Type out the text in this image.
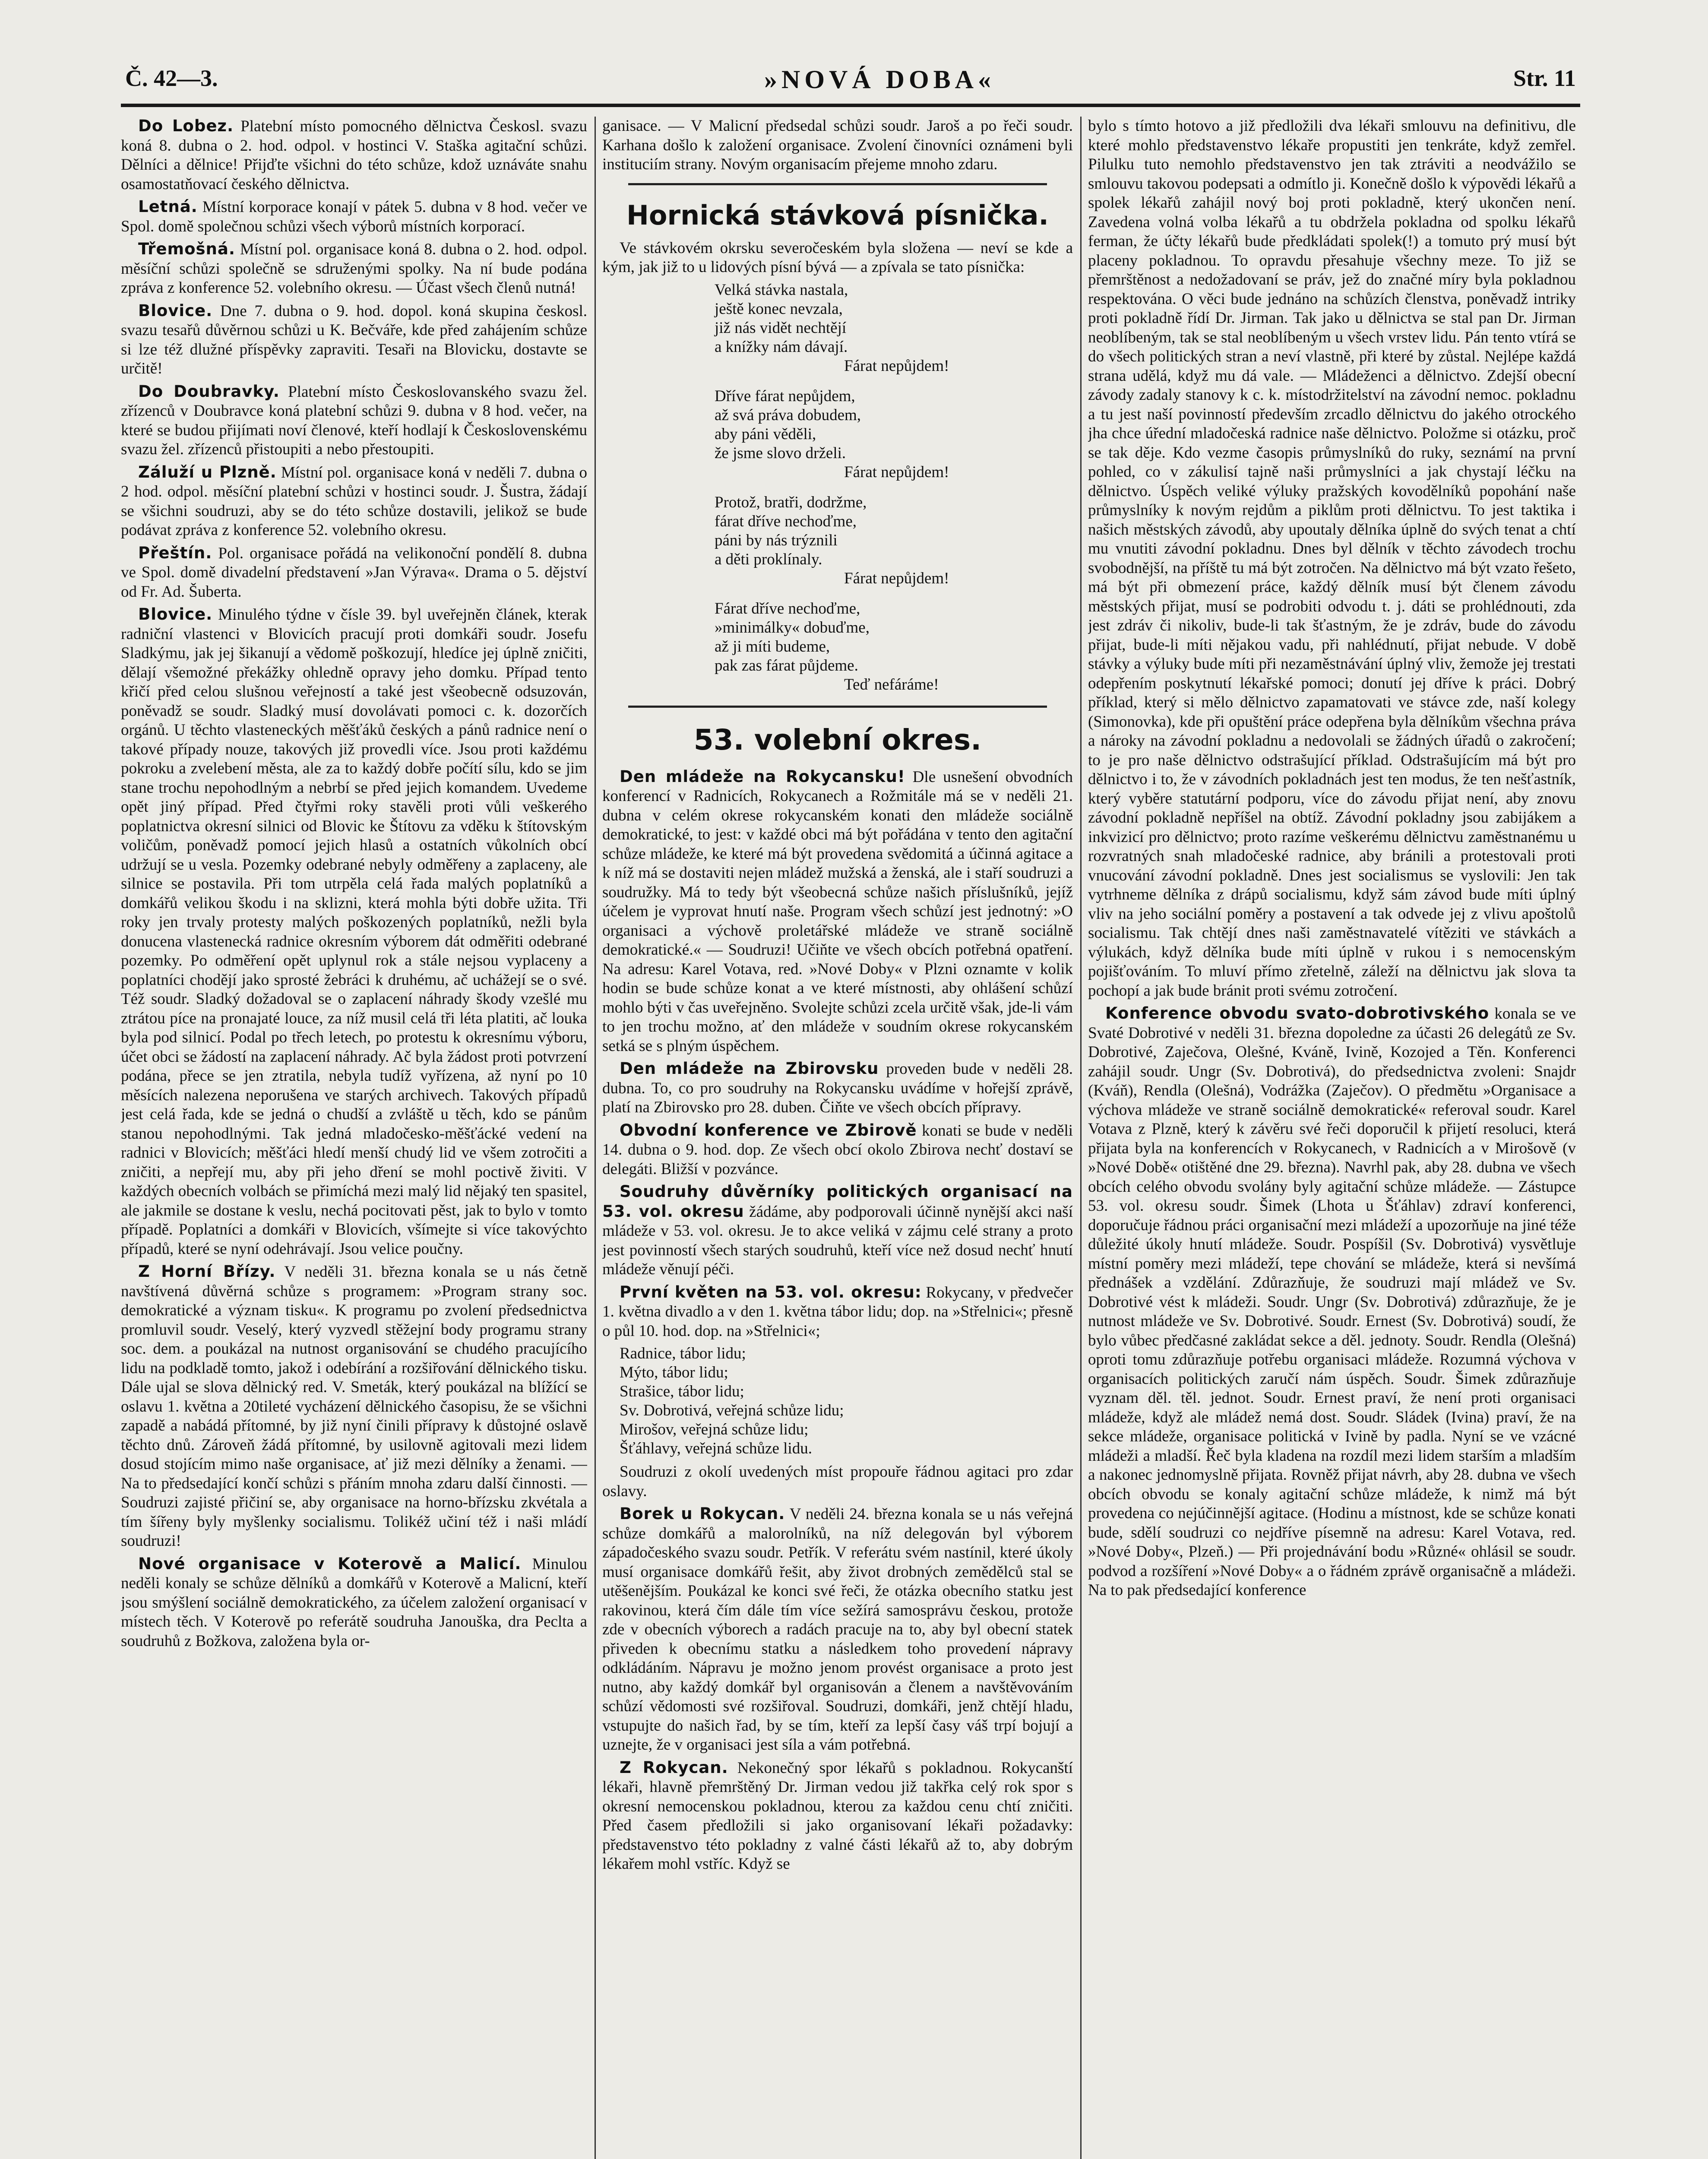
Č. 42—3.	»NOVÁ DOBA«	Str. 11

Do Lobez. Platební místo pomocného dělnictva Českosl. svazu koná 8. dubna o 2. hod. odpol. v hostinci V. Staška agitační schůzi. Dělníci a dělnice! Přijďte všichni do této schůze, kdož uznáváte snahu osamostatňovací českého dělnictva.

Letná. Místní korporace konají v pátek 5. dubna v 8 hod. večer ve Spol. domě společnou schůzi všech výborů místních korporací.

Třemošná. Místní pol. organisace koná 8. dubna o 2. hod. odpol. měsíční schůzi společně se sdruženými spolky. Na ní bude podána zpráva z konference 52. volebního okresu. — Účast všech členů nutná!

Blovice. Dne 7. dubna o 9. hod. dopol. koná skupina českosl. svazu tesařů důvěrnou schůzi u K. Bečváře, kde před zahájením schůze si lze též dlužné příspěvky zapraviti. Tesaři na Blovicku, dostavte se určitě!

Do Doubravky. Platební místo Českoslovanského svazu žel. zřízenců v Doubravce koná platební schůzi 9. dubna v 8 hod. večer, na které se budou přijímati noví členové, kteří hodlají k Československému svazu žel. zřízenců přistoupiti a nebo přestoupiti.

Záluží u Plzně. Místní pol. organisace koná v neděli 7. dubna o 2 hod. odpol. měsíční platební schůzi v hostinci soudr. J. Šustra, žádají se všichni soudruzi, aby se do této schůze dostavili, jelikož se bude podávat zpráva z konference 52. volebního okresu.

Přeštín. Pol. organisace pořádá na velikonoční pondělí 8. dubna ve Spol. domě divadelní představení »Jan Výrava«. Drama o 5. dějství od Fr. Ad. Šuberta.

Blovice. Minulého týdne v čísle 39. byl uveřejněn článek, kterak radniční vlastenci v Blovicích pracují proti domkáři soudr. Josefu Sladkýmu, jak jej šikanují a vědomě poškozují, hledíce jej úplně zničiti, dělají všemožné překážky ohledně opravy jeho domku. Případ tento křičí před celou slušnou veřejností a také jest všeobecně odsuzován, poněvadž se soudr. Sladký musí dovolávati pomoci c. k. dozorčích orgánů. U těchto vlasteneckých měšťáků českých a pánů radnice není o takové případy nouze, takových již provedli více. Jsou proti každému pokroku a zvelebení města, ale za to každý dobře počítí sílu, kdo se jim stane trochu nepohodlným a nebrbí se před jejich komandem. Uvedeme opět jiný případ. Před čtyřmi roky stavěli proti vůli veškerého poplatnictva okresní silnici od Blovic ke Štítovu za vděku k štítovským voličům, poněvadž pomocí jejich hlasů a ostatních vůkolních obcí udržují se u vesla. Pozemky odebrané nebyly odměřeny a zaplaceny, ale silnice se postavila. Při tom utrpěla celá řada malých poplatníků a domkářů velikou škodu i na sklizni, která mohla býti dobře užita. Tři roky jen trvaly protesty malých poškozených poplatníků, nežli byla donucena vlastenecká radnice okresním výborem dát odměřiti odebrané pozemky. Po odměření opět uplynul rok a stále nejsou vyplaceny a poplatníci chodějí jako sprosté žebráci k druhému, ač uchážejí se o své. Též soudr. Sladký dožadoval se o zaplacení náhrady škody vzešlé mu ztrátou píce na pronajaté louce, za níž musil celá tři léta platiti, ač louka byla pod silnicí. Podal po třech letech, po protestu k okresnímu výboru, účet obci se žádostí na zaplacení náhrady. Ač byla žádost proti potvrzení podána, přece se jen ztratila, nebyla tudíž vyřízena, až nyní po 10 měsících nalezena neporušena ve starých archivech. Takových případů jest celá řada, kde se jedná o chudší a zvláště u těch, kdo se pánům stanou nepohodlnými. Tak jedná mladočesko-měšťácké vedení na radnici v Blovicích; měšťáci hledí menší chudý lid ve všem zotročiti a zničiti, a nepřejí mu, aby při jeho dření se mohl poctivě živiti. V každých obecních volbách se přimíchá mezi malý lid nějaký ten spasitel, ale jakmile se dostane k veslu, nechá pocitovati pěst, jak to bylo v tomto případě. Poplatníci a domkáři v Blovicích, všímejte si více takovýchto případů, které se nyní odehrávají. Jsou velice poučny.

Z Horní Břízy. V neděli 31. března konala se u nás četně navštívená důvěrná schůze s programem: »Program strany soc. demokratické a význam tisku«. K programu po zvolení předsednictva promluvil soudr. Veselý, který vyzvedl stěžejní body programu strany soc. dem. a poukázal na nutnost organisování se chudého pracujícího lidu na podkladě tomto, jakož i odebírání a rozšiřování dělnického tisku. Dále ujal se slova dělnický red. V. Smeták, který poukázal na blížící se oslavu 1. května a 20tileté vycházení dělnického časopisu, že se všichni zapadě a nabádá přítomné, by již nyní činili přípravy k důstojné oslavě těchto dnů. Zároveň žádá přítomné, by usilovně agitovali mezi lidem dosud stojícím mimo naše organisace, ať již mezi dělníky a ženami. — Na to předsedající končí schůzi s přáním mnoha zdaru další činnosti. — Soudruzi zajisté přičiní se, aby organisace na horno-břízsku zkvétala a tím šířeny byly myšlenky socialismu. Tolikéž učiní též i naši mládí soudruzi!

Nové organisace v Koterově a Malicí. Minulou neděli konaly se schůze dělníků a domkářů v Koterově a Malicní, kteří jsou smýšlení sociálně demokratického, za účelem založení organisací v místech těch. V Koterově po referátě soudruha Janouška, dra Peclta a soudruhů z Božkova, založena byla or-

ganisace. — V Malicní předsedal schůzi soudr. Jaroš a po řeči soudr. Karhana došlo k založení organisace. Zvolení činovníci oznámeni byli instituciím strany. Novým organisacím přejeme mnoho zdaru.

Hornická stávková písnička.

Ve stávkovém okrsku severočeském byla složena — neví se kde a kým, jak již to u lidových písní bývá — a zpívala se tato písnička:

Velká stávka nastala,
ještě konec nevzala,
již nás vidět nechtějí
a knížky nám dávají.
Fárat nepůjdem!
Dříve fárat nepůjdem,
až svá práva dobudem,
aby páni věděli,
že jsme slovo drželi.
Fárat nepůjdem!
Protož, bratři, dodržme,
fárat dříve nechoďme,
páni by nás trýznili
a děti proklínaly.
Fárat nepůjdem!
Fárat dříve nechoďme,
»minimálky« dobuďme,
až ji míti budeme,
pak zas fárat půjdeme.
Teď nefáráme!
53. volební okres.

Den mládeže na Rokycansku! Dle usnešení obvodních konferencí v Radnicích, Rokycanech a Rožmitále má se v neděli 21. dubna v celém okrese rokycanském konati den mládeže sociálně demokratické, to jest: v každé obci má být pořádána v tento den agitační schůze mládeže, ke které má být provedena svědomitá a účinná agitace a k níž má se dostaviti nejen mládež mužská a ženská, ale i staří soudruzi a soudružky. Má to tedy být všeobecná schůze našich příslušníků, jejíž účelem je vyprovat hnutí naše. Program všech schůzí jest jednotný: »O organisaci a výchově proletářské mládeže ve straně sociálně demokratické.« — Soudruzi! Učiňte ve všech obcích potřebná opatření. Na adresu: Karel Votava, red. »Nové Doby« v Plzni oznamte v kolik hodin se bude schůze konat a ve které místnosti, aby ohlášení schůzí mohlo býti v čas uveřejněno. Svolejte schůzi zcela určitě však, jde-li vám to jen trochu možno, ať den mládeže v soudním okrese rokycanském setká se s plným úspěchem.

Den mládeže na Zbirovsku proveden bude v neděli 28. dubna. To, co pro soudruhy na Rokycansku uvádíme v hořejší zprávě, platí na Zbirovsko pro 28. duben. Čiňte ve všech obcích přípravy.

Obvodní konference ve Zbirově konati se bude v neděli 14. dubna o 9. hod. dop. Ze všech obcí okolo Zbirova nechť dostaví se delegáti. Bližší v pozvánce.

Soudruhy důvěrníky politických organisací na 53. vol. okresu žádáme, aby podporovali účinně nynější akci naší mládeže v 53. vol. okresu. Je to akce veliká v zájmu celé strany a proto jest povinností všech starých soudruhů, kteří více než dosud nechť hnutí mládeže věnují péči.

První květen na 53. vol. okresu: Rokycany, v předvečer 1. května divadlo a v den 1. května tábor lidu; dop. na »Střelnici«; přesně o půl 10. hod. dop. na »Střelnici«;

Radnice, tábor lidu;
Mýto, tábor lidu;
Strašice, tábor lidu;
Sv. Dobrotivá, veřejná schůze lidu;
Mirošov, veřejná schůze lidu;
Šťáhlavy, veřejná schůze lidu.

Soudruzi z okolí uvedených míst propouře řádnou agitaci pro zdar oslavy.

Borek u Rokycan. V neděli 24. března konala se u nás veřejná schůze domkářů a malorolníků, na níž delegován byl výborem západočeského svazu soudr. Petřík. V referátu svém nastínil, které úkoly musí organisace domkářů řešit, aby život drobných zemědělců stal se utěšenějším. Poukázal ke konci své řeči, že otázka obecního statku jest rakovinou, která čím dále tím více sežírá samosprávu českou, protože zde v obecních výborech a radách pracuje na to, aby byl obecní statek přiveden k obecnímu statku a následkem toho provedení nápravy odkládáním. Nápravu je možno jenom provést organisace a proto jest nutno, aby každý domkář byl organisován a členem a navštěvováním schůzí vědomosti své rozšiřoval. Soudruzi, domkáři, jenž chtějí hladu, vstupujte do našich řad, by se tím, kteří za lepší časy váš trpí bojují a uznejte, že v organisaci jest síla a vám potřebná.

Z Rokycan. Nekonečný spor lékařů s pokladnou. Rokycanští lékaři, hlavně přemrštěný Dr. Jirman vedou již takřka celý rok spor s okresní nemocenskou pokladnou, kterou za každou cenu chtí zničiti. Před časem předložili si jako organisovaní lékaři požadavky: představenstvo této pokladny z valné části lékařů až to, aby dobrým lékařem mohl vstříc. Když se

bylo s tímto hotovo a již předložili dva lékaři smlouvu na definitivu, dle které mohlo představenstvo lékaře propustiti jen tenkráte, když zemřel. Pilulku tuto nemohlo představenstvo jen tak ztráviti a neodvážilo se smlouvu takovou podepsati a odmítlo ji. Konečně došlo k výpovědi lékařů a spolek lékařů zahájil nový boj proti pokladně, který ukončen není. Zavedena volná volba lékařů a tu obdržela pokladna od spolku lékařů ferman, že účty lékařů bude předkládati spolek(!) a tomuto prý musí být placeny pokladnou. To opravdu přesahuje všechny meze. To již se přemrštěnost a nedožadovaní se práv, jež do značné míry byla pokladnou respektována. O věci bude jednáno na schůzích členstva, poněvadž intriky proti pokladně řídí Dr. Jirman. Tak jako u dělnictva se stal pan Dr. Jirman neoblíbeným, tak se stal neoblíbeným u všech vrstev lidu. Pán tento vtírá se do všech politických stran a neví vlastně, při které by zůstal. Nejlépe každá strana udělá, když mu dá vale. — Mládeženci a dělnictvo. Zdejší obecní závody zadaly stanovy k c. k. místodržitelství na závodní nemoc. pokladnu a tu jest naší povinností především zrcadlo dělnictvu do jakého otrockého jha chce úřední mladočeská radnice naše dělnictvo. Položme si otázku, proč se tak děje. Kdo vezme časopis průmyslníků do ruky, seznámí na první pohled, co v zákulisí tajně naši průmyslníci a jak chystají léčku na dělnictvo. Úspěch veliké výluky pražských kovodělníků popohání naše průmyslníky k novým rejdům a piklům proti dělnictvu. To jest taktika i našich městských závodů, aby upoutaly dělníka úplně do svých tenat a chtí mu vnutiti závodní pokladnu. Dnes byl dělník v těchto závodech trochu svobodnější, na příště tu má být zotročen. Na dělnictvo má být vzato řešeto, má být při obmezení práce, každý dělník musí být členem závodu městských přijat, musí se podrobiti odvodu t. j. dáti se prohlédnouti, zda jest zdráv či nikoliv, bude-li tak šťastným, že je zdráv, bude do závodu přijat, bude-li míti nějakou vadu, při nahlédnutí, přijat nebude. V době stávky a výluky bude míti při nezaměstnávání úplný vliv, žemože jej trestati odepřením poskytnutí lékařské pomoci; donutí jej dříve k práci. Dobrý příklad, který si mělo dělnictvo zapamatovati ve stávce zde, naší kolegy (Simonovka), kde při opuštění práce odepřena byla dělníkům všechna práva a nároky na závodní pokladnu a nedovolali se žádných úřadů o zakročení; to je pro naše dělnictvo odstrašující příklad. Odstrašujícím má být pro dělnictvo i to, že v závodních pokladnách jest ten modus, že ten nešťastník, který vyběre statutární podporu, více do závodu přijat není, aby znovu závodní pokladně nepříšel na obtíž. Závodní pokladny jsou zabijákem a inkvizicí pro dělnictvo; proto razíme veškerému dělnictvu zaměstnanému u rozvratných snah mladočeské radnice, aby bránili a protestovali proti vnucování závodní pokladně. Dnes jest socialismus se vyslovili: Jen tak vytrhneme dělníka z drápů socialismu, když sám závod bude míti úplný vliv na jeho sociální poměry a postavení a tak odvede jej z vlivu apoštolů socialismu. Tak chtějí dnes naši zaměstnavatelé vítěziti ve stávkách a výlukách, když dělníka bude míti úplně v rukou i s nemocenským pojišťováním. To mluví přímo zřetelně, záleží na dělnictvu jak slova ta pochopí a jak bude bránit proti svému zotročení.

Konference obvodu svato-dobrotivského konala se ve Svaté Dobrotivé v neděli 31. března dopoledne za účasti 26 delegátů ze Sv. Dobrotivé, Zaječova, Olešné, Kváně, Ivině, Kozojed a Těn. Konferenci zahájil soudr. Ungr (Sv. Dobrotivá), do předsednictva zvoleni: Snajdr (Kváň), Rendla (Olešná), Vodrážka (Zaječov). O předmětu »Organisace a výchova mládeže ve straně sociálně demokratické« referoval soudr. Karel Votava z Plzně, který k závěru své řeči doporučil k přijetí resoluci, která přijata byla na konferencích v Rokycanech, v Radnicích a v Mirošově (v »Nové Době« otištěné dne 29. března). Navrhl pak, aby 28. dubna ve všech obcích celého obvodu svolány byly agitační schůze mládeže. — Zástupce 53. vol. okresu soudr. Šimek (Lhota u Šťáhlav) zdraví konferenci, doporučuje řádnou práci organisační mezi mládeží a upozorňuje na jiné téže důležité úkoly hnutí mládeže. Soudr. Pospíšil (Sv. Dobrotivá) vysvětluje místní poměry mezi mládeží, tepe chování se mládeže, která si nevšímá přednášek a vzdělání. Zdůrazňuje, že soudruzi mají mládež ve Sv. Dobrotivé vést k mládeži. Soudr. Ungr (Sv. Dobrotivá) zdůrazňuje, že je nutnost mládeže ve Sv. Dobrotivé. Soudr. Ernest (Sv. Dobrotivá) soudí, že bylo vůbec předčasné zakládat sekce a děl. jednoty. Soudr. Rendla (Olešná) oproti tomu zdůrazňuje potřebu organisaci mládeže. Rozumná výchova v organisacích politických zaručí nám úspěch. Soudr. Šimek zdůrazňuje vyznam děl. těl. jednot. Soudr. Ernest praví, že není proti organisaci mládeže, když ale mládež nemá dost. Soudr. Sládek (Ivina) praví, že na sekce mládeže, organisace politická v Ivině by padla. Nyní se ve vzácné mládeži a mladší. Řeč byla kladena na rozdíl mezi lidem starším a mladším a nakonec jednomyslně přijata. Rovněž přijat návrh, aby 28. dubna ve všech obcích obvodu se konaly agitační schůze mládeže, k nimž má být provedena co nejúčinnější agitace. (Hodinu a místnost, kde se schůze konati bude, sdělí soudruzi co nejdříve písemně na adresu: Karel Votava, red. »Nové Doby«, Plzeň.) — Při projednávání bodu »Různé« ohlásil se soudr. podvod a rozšíření »Nové Doby« a o řádném zprávě organisačně a mládeži. Na to pak předsedající konference
